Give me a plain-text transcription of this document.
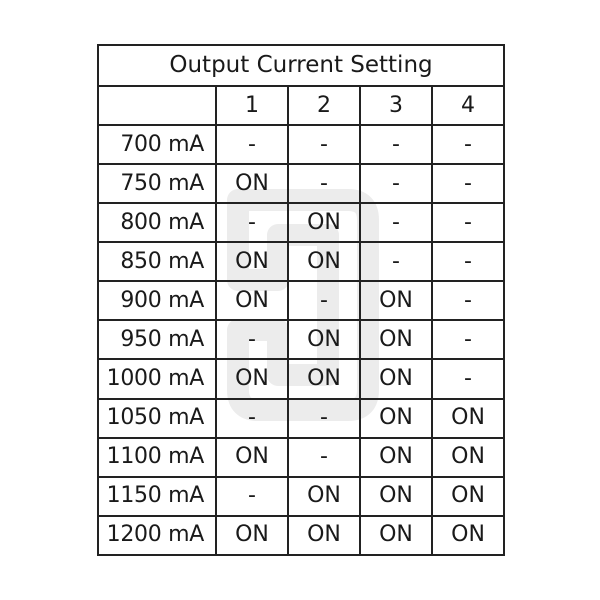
Output Current Setting				
	1	2	3	4
700 mA	-	-	-	-
750 mA	ON	-	-	-
800 mA	-	ON	-	-
850 mA	ON	ON	-	-
900 mA	ON	-	ON	-
950 mA	-	ON	ON	-
1000 mA	ON	ON	ON	-
1050 mA	-	-	ON	ON
1100 mA	ON	-	ON	ON
1150 mA	-	ON	ON	ON
1200 mA	ON	ON	ON	ON
